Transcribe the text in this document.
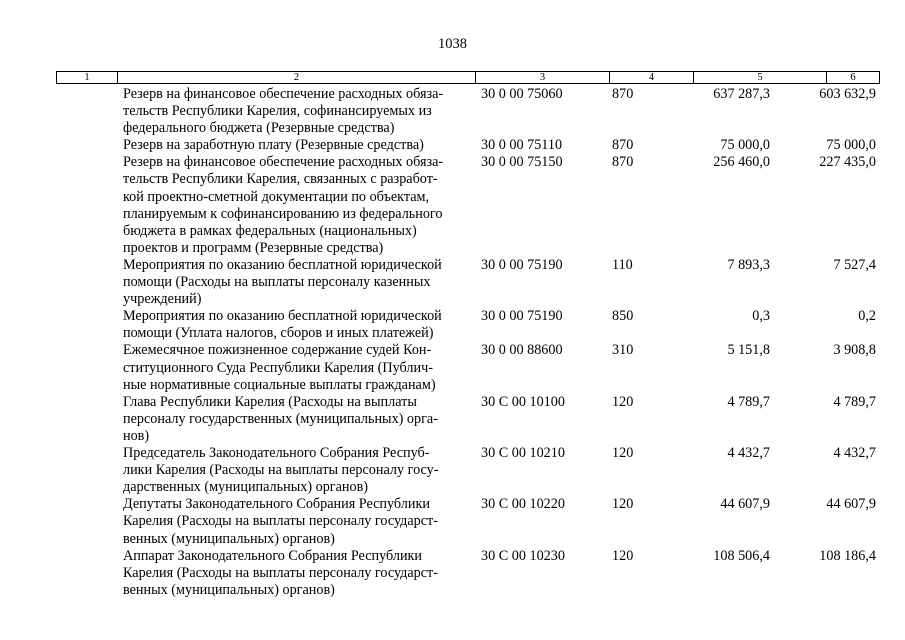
1038
1	2	3	4	5	6
Резерв на финансовое обеспечение расходных обяза-
тельств Республики Карелия, софинансируемых из
федерального бюджета (Резервные средства)
30 0 00 75060	870	637 287,3	603 632,9
Резерв на заработную плату (Резервные средства)	30 0 00 75110	870	75 000,0	75 000,0
Резерв на финансовое обеспечение расходных обяза-
тельств Республики Карелия, связанных с разработ-
кой проектно-сметной документации по объектам,
планируемым к софинансированию из федерального
бюджета в рамках федеральных (национальных)
проектов и программ (Резервные средства)
30 0 00 75150	870	256 460,0	227 435,0
Мероприятия по оказанию бесплатной юридической
помощи (Расходы на выплаты персоналу казенных
учреждений)
30 0 00 75190	110	7 893,3	7 527,4
Мероприятия по оказанию бесплатной юридической
помощи (Уплата налогов, сборов и иных платежей)
30 0 00 75190	850	0,3	0,2
Ежемесячное пожизненное содержание судей Кон-
ституционного Суда Республики Карелия (Публич-
ные нормативные социальные выплаты гражданам)
30 0 00 88600	310	5 151,8	3 908,8
Глава Республики Карелия (Расходы на выплаты
персоналу государственных (муниципальных) орга-
нов)
30 С 00 10100	120	4 789,7	4 789,7
Председатель Законодательного Собрания Респуб-
лики Карелия (Расходы на выплаты персоналу госу-
дарственных (муниципальных) органов)
30 С 00 10210	120	4 432,7	4 432,7
Депутаты Законодательного Собрания Республики
Карелия (Расходы на выплаты персоналу государст-
венных (муниципальных) органов)
30 С 00 10220	120	44 607,9	44 607,9
Аппарат Законодательного Собрания Республики
Карелия (Расходы на выплаты персоналу государст-
венных (муниципальных) органов)
30 С 00 10230	120	108 506,4	108 186,4
